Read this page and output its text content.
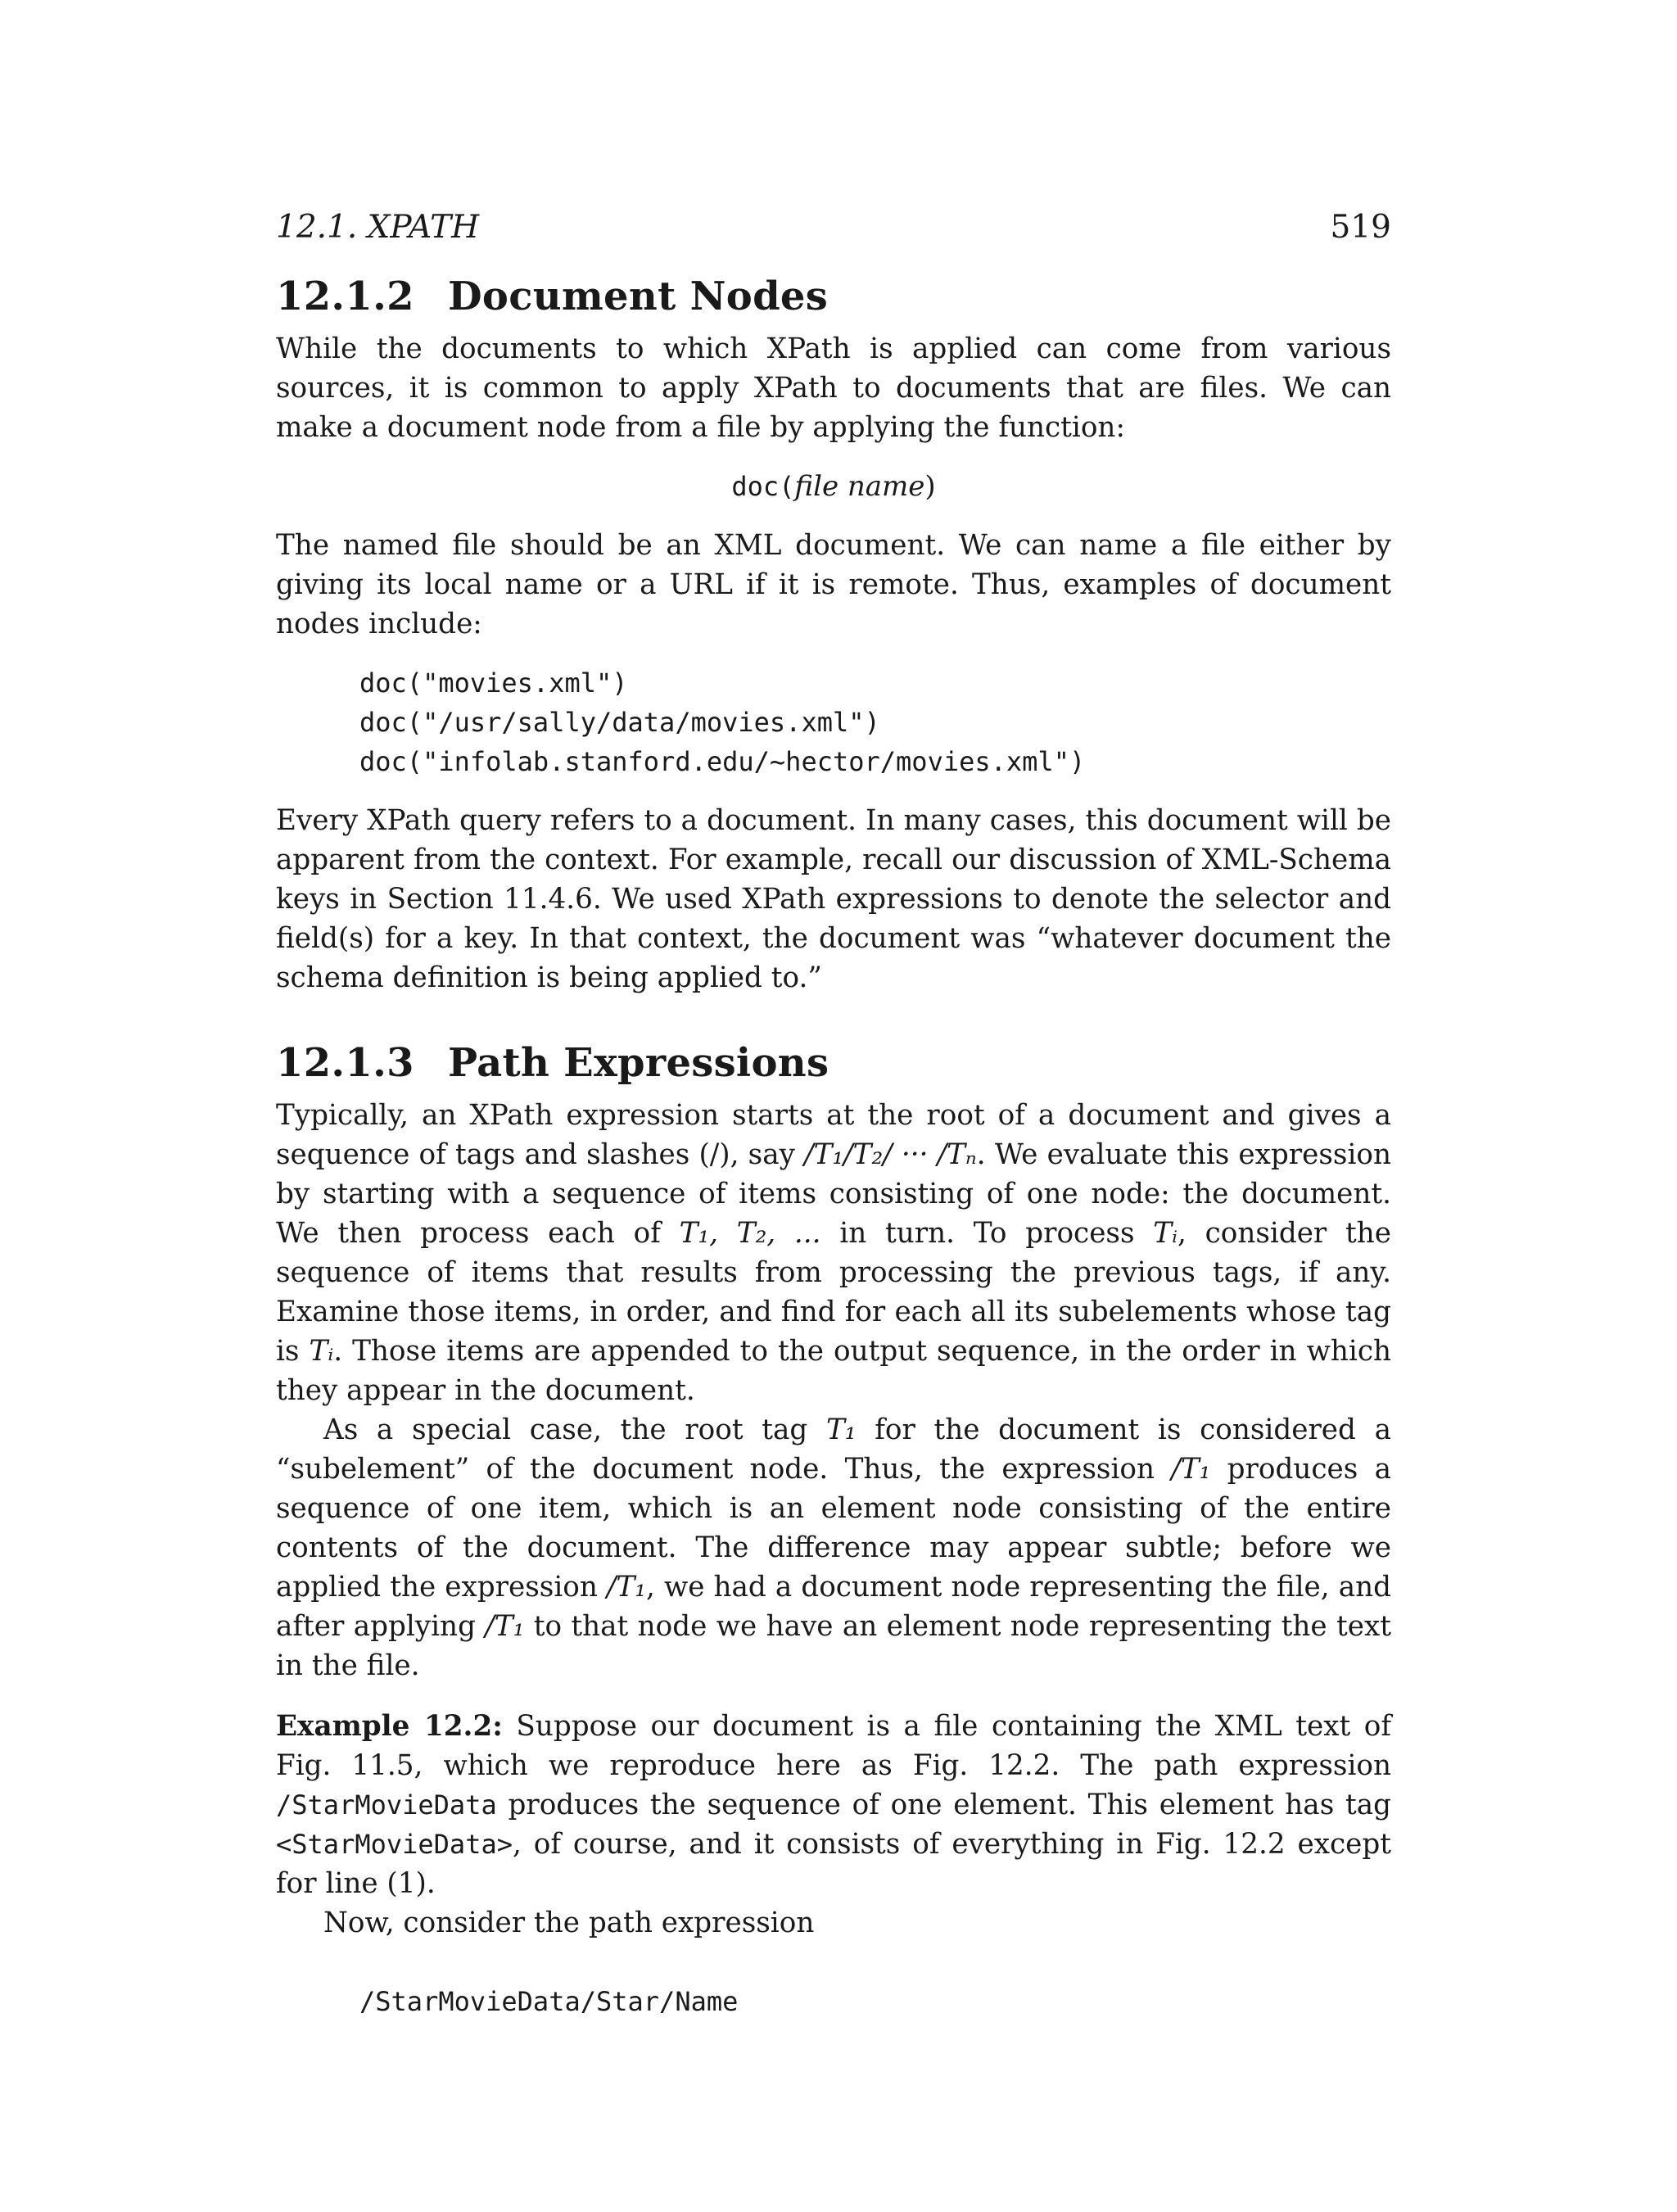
12.1. XPATH	519
12.1.2 Document Nodes

While the documents to which XPath is applied can come from various sources, it is common to apply XPath to documents that are files. We can make a document node from a file by applying the function:

doc(file name)

The named file should be an XML document. We can name a file either by giving its local name or a URL if it is remote. Thus, examples of document nodes include:

doc("movies.xml")
doc("/usr/sally/data/movies.xml")
doc("infolab.stanford.edu/~hector/movies.xml")

Every XPath query refers to a document. In many cases, this document will be apparent from the context. For example, recall our discussion of XML-Schema keys in Section 11.4.6. We used XPath expressions to denote the selector and field(s) for a key. In that context, the document was “whatever document the schema definition is being applied to.”

12.1.3 Path Expressions

Typically, an XPath expression starts at the root of a document and gives a sequence of tags and slashes (/), say /T₁/T₂/ ··· /Tₙ. We evaluate this expression by starting with a sequence of items consisting of one node: the document. We then process each of T₁, T₂, ... in turn. To process Tᵢ, consider the sequence of items that results from processing the previous tags, if any. Examine those items, in order, and find for each all its subelements whose tag is Tᵢ. Those items are appended to the output sequence, in the order in which they appear in the document.

As a special case, the root tag T₁ for the document is considered a “subelement” of the document node. Thus, the expression /T₁ produces a sequence of one item, which is an element node consisting of the entire contents of the document. The difference may appear subtle; before we applied the expression /T₁, we had a document node representing the file, and after applying /T₁ to that node we have an element node representing the text in the file.

Example 12.2: Suppose our document is a file containing the XML text of Fig. 11.5, which we reproduce here as Fig. 12.2. The path expression /StarMovieData produces the sequence of one element. This element has tag <StarMovieData>, of course, and it consists of everything in Fig. 12.2 except for line (1).

Now, consider the path expression

/StarMovieData/Star/Name
